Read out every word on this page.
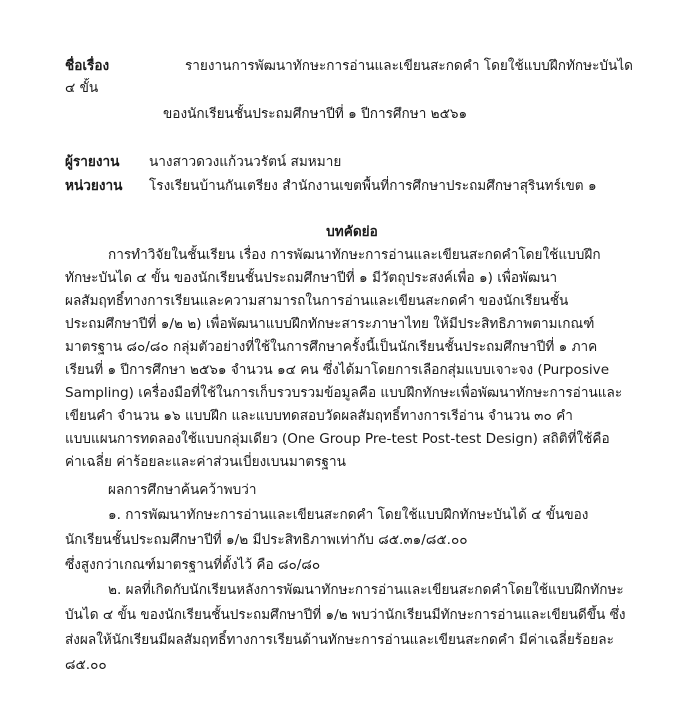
ชื่อเรื่อง	รายงานการพัฒนาทักษะการอ่านและเขียนสะกดคำ โดยใช้แบบฝึกทักษะบันได
๔ ขั้น
ของนักเรียนชั้นประถมศึกษาปีที่ ๑ ปีการศึกษา ๒๕๖๑
ผู้รายงาน นางสาวดวงแก้วนวรัตน์ สมหมาย
หน่วยงาน โรงเรียนบ้านกันเตรียง สำนักงานเขตพื้นที่การศึกษาประถมศึกษาสุรินทร์เขต ๑
บทคัดย่อ
การทำวิจัยในชั้นเรียน เรื่อง การพัฒนาทักษะการอ่านและเขียนสะกดคำโดยใช้แบบฝึก
ทักษะบันได ๔ ขั้น ของนักเรียนชั้นประถมศึกษาปีที่ ๑ มีวัตถุประสงค์เพื่อ ๑) เพื่อพัฒนา
ผลสัมฤทธิ์ทางการเรียนและความสามารถในการอ่านและเขียนสะกดคำ ของนักเรียนชั้น
ประถมศึกษาปีที่ ๑/๒ ๒) เพื่อพัฒนาแบบฝึกทักษะสาระภาษาไทย ให้มีประสิทธิภาพตามเกณฑ์
มาตรฐาน ๘๐/๘๐ กลุ่มตัวอย่างที่ใช้ในการศึกษาครั้งนี้เป็นนักเรียนชั้นประถมศึกษาปีที่ ๑ ภาค
เรียนที่ ๑ ปีการศึกษา ๒๕๖๑ จำนวน ๑๔ คน ซึ่งได้มาโดยการเลือกสุ่มแบบเจาะจง (Purposive
Sampling) เครื่องมือที่ใช้ในการเก็บรวบรวมข้อมูลคือ แบบฝึกทักษะเพื่อพัฒนาทักษะการอ่านและ
เขียนคำ จำนวน ๑๖ แบบฝึก และแบบทดสอบวัดผลสัมฤทธิ์ทางการเรีอ่าน จำนวน ๓๐ คำ
แบบแผนการทดลองใช้แบบกลุ่มเดียว (One Group Pre-test Post-test Design) สถิติที่ใช้คือ
ค่าเฉลี่ย ค่าร้อยละและค่าส่วนเบี่ยงเบนมาตรฐาน
ผลการศึกษาค้นคว้าพบว่า
๑. การพัฒนาทักษะการอ่านและเขียนสะกดคำ โดยใช้แบบฝึกทักษะบันได้ ๔ ขั้นของ
นักเรียนชั้นประถมศึกษาปีที่ ๑/๒ มีประสิทธิภาพเท่ากับ ๘๕.๓๑/๘๕.๐๐
ซึ่งสูงกว่าเกณฑ์มาตรฐานที่ตั้งไว้ คือ ๘๐/๘๐
๒. ผลที่เกิดกับนักเรียนหลังการพัฒนาทักษะการอ่านและเขียนสะกดคำโดยใช้แบบฝึกทักษะ
บันได ๔ ขั้น ของนักเรียนชั้นประถมศึกษาปีที่ ๑/๒ พบว่านักเรียนมีทักษะการอ่านและเขียนดีขึ้น ซึ่ง
ส่งผลให้นักเรียนมีผลสัมฤทธิ์ทางการเรียนด้านทักษะการอ่านและเขียนสะกดคำ มีค่าเฉลี่ยร้อยละ
๘๕.๐๐
